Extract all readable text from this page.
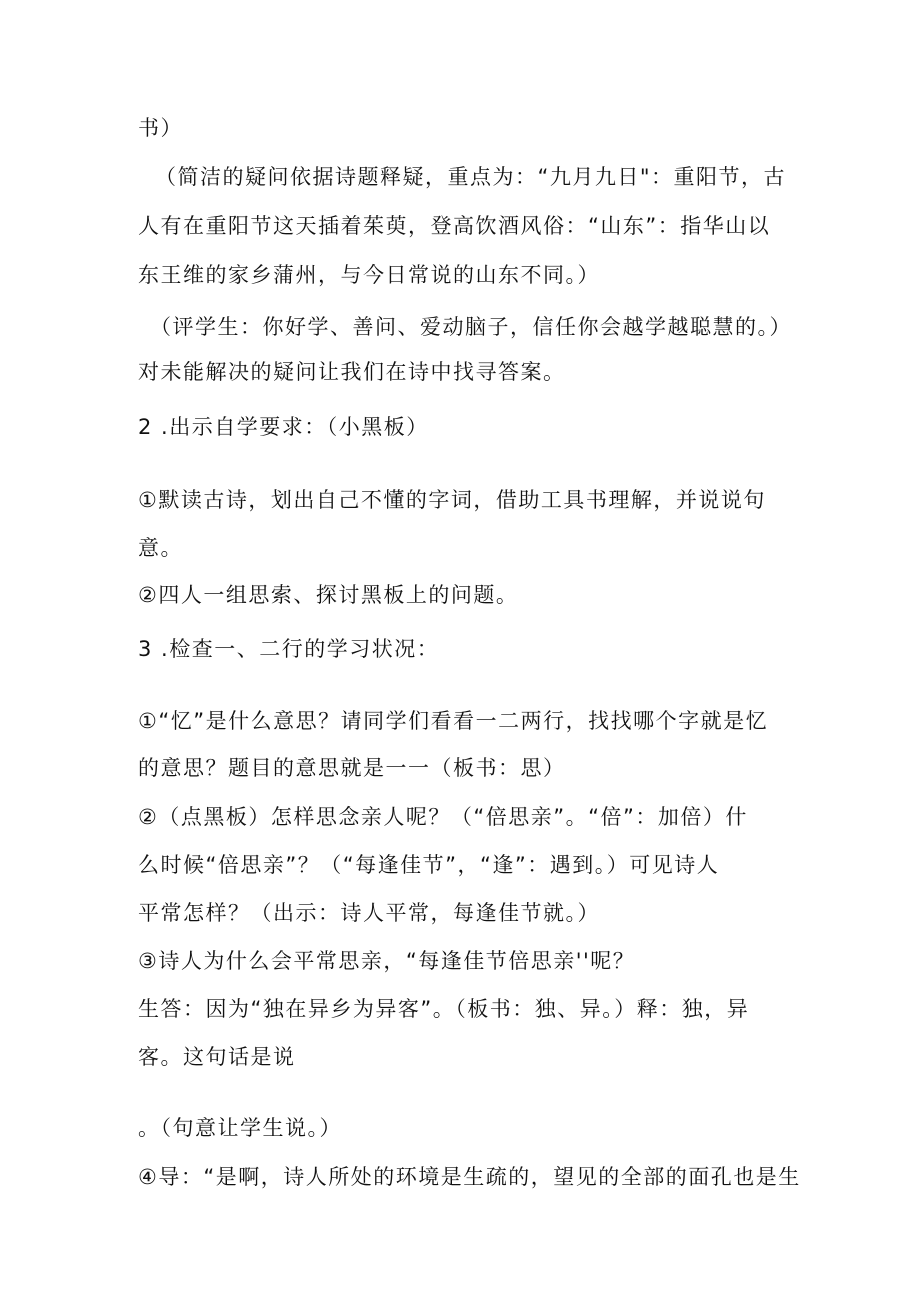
书）
（简洁的疑问依据诗题释疑，重点为：“九月九日"：重阳节，古
人有在重阳节这天插着茱萸，登高饮酒风俗：“山东”：指华山以
东王维的家乡蒲州，与今日常说的山东不同。）
（评学生：你好学、善问、爱动脑子，信任你会越学越聪慧的。）
对未能解决的疑问让我们在诗中找寻答案。
2 .出示自学要求：（小黑板）
①默读古诗，划出自己不懂的字词，借助工具书理解，并说说句
意。
②四人一组思索、探讨黑板上的问题。
3 .检查一、二行的学习状况：
①“忆”是什么意思？请同学们看看一二两行，找找哪个字就是忆
的意思？题目的意思就是一一（板书：思）
②（点黑板）怎样思念亲人呢？（“倍思亲”。“倍”：加倍）什
么时候“倍思亲”？（“每逢佳节”，“逢”：遇到。）可见诗人
平常怎样？（出示：诗人平常，每逢佳节就。）
③诗人为什么会平常思亲，“每逢佳节倍思亲''呢？
生答：因为“独在异乡为异客”。（板书：独、异。）释：独，异
客。这句话是说
。（句意让学生说。）
④导：“是啊，诗人所处的环境是生疏的，望见的全部的面孔也是生
